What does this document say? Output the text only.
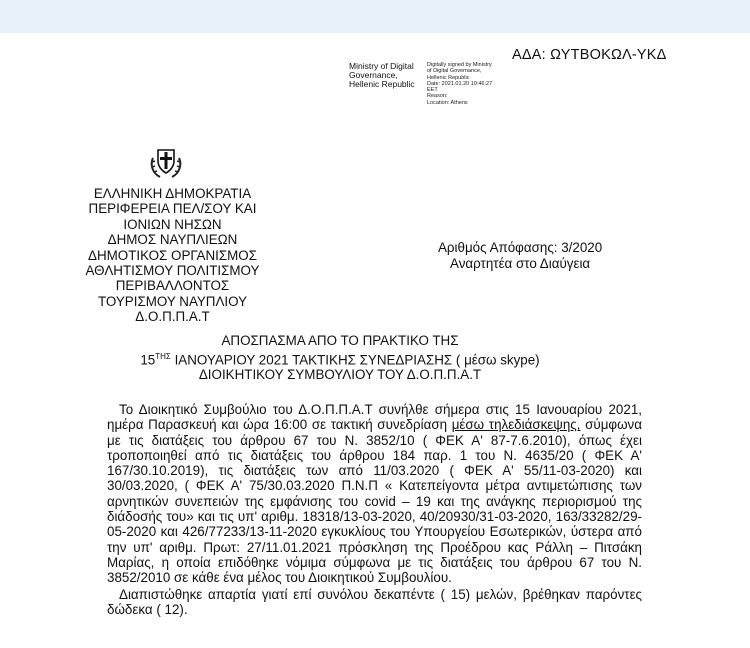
ΑΔΑ: ΩΥΤΒΟΚΩΛ-ΥΚΔ
Ministry of Digital
Governance,
Hellenic Republic
Digitally signed by Ministry
of Digital Governance,
Hellenic Republic
Date: 2021.01.20 10:46:27
EET
Reason:
Location: Athens
ΕΛΛΗΝΙΚΗ ΔΗΜΟΚΡΑΤΙΑ
ΠΕΡΙΦΕΡΕΙΑ ΠΕΛ/ΣΟΥ ΚΑΙ
ΙΟΝΙΩΝ ΝΗΣΩΝ
ΔΗΜΟΣ ΝΑΥΠΛΙΕΩΝ
ΔΗΜΟΤΙΚΟΣ ΟΡΓΑΝΙΣΜΟΣ
ΑΘΛΗΤΙΣΜΟΥ ΠΟΛΙΤΙΣΜΟΥ
ΠΕΡΙΒΑΛΛΟΝΤΟΣ
ΤΟΥΡΙΣΜΟΥ ΝΑΥΠΛΙΟΥ
Δ.Ο.Π.Π.Α.Τ
Αριθμός Απόφασης: 3/2020
Αναρτητέα στο Διαύγεια
ΑΠΟΣΠΑΣΜΑ ΑΠΟ ΤΟ ΠΡΑΚΤΙΚΟ ΤΗΣ
$15^{TH\Sigma}$ ΙΑΝΟΥΑΡΙΟΥ 2021 ΤΑΚΤΙΚΗΣ ΣΥΝΕΔΡΙΑΣΗΣ ( μέσω skype)
ΔΙΟΙΚΗΤΙΚΟΥ ΣΥΜΒΟΥΛΙΟΥ ΤΟΥ Δ.Ο.Π.Π.Α.Τ

Το Διοικητικό Συμβούλιο του Δ.Ο.Π.Π.Α.Τ συνήλθε σήμερα στις 15 Ιανουαρίου 2021, ημέρα Παρασκευή και ώρα 16:00 σε τακτική συνεδρίαση μέσω τηλεδιάσκεψης, σύμφωνα με τις διατάξεις του άρθρου 67 του Ν. 3852/10 ( ΦΕΚ Α' 87-7.6.2010), όπως έχει τροποποιηθεί από τις διατάξεις του άρθρου 184 παρ. 1 του Ν. 4635/20 ( ΦΕΚ Α' 167/30.10.2019), τις διατάξεις των από 11/03.2020 ( ΦΕΚ Α' 55/11-03-2020) και 30/03.2020, ( ΦΕΚ Α' 75/30.03.2020 Π.Ν.Π « Κατεπείγοντα μέτρα αντιμετώπισης των αρνητικών συνεπειών της εμφάνισης του covid – 19 και της ανάγκης περιορισμού της διάδοσής του» και τις υπ' αριθμ. 18318/13-03-2020, 40/20930/31-03-2020, 163/33282/29-05-2020 και 426/77233/13-11-2020 εγκυκλίους του Υπουργείου Εσωτερικών, ύστερα από την υπ' αριθμ. Πρωτ: 27/11.01.2021 πρόσκληση της Προέδρου κας Ράλλη – Πιτσάκη Μαρίας, η οποία επιδόθηκε νόμιμα σύμφωνα με τις διατάξεις του άρθρου 67 του Ν. 3852/2010 σε κάθε ένα μέλος του Διοικητικού Συμβουλίου.

Διαπιστώθηκε απαρτία γιατί επί συνόλου δεκαπέντε ( 15) μελών, βρέθηκαν παρόντες δώδεκα ( 12).
